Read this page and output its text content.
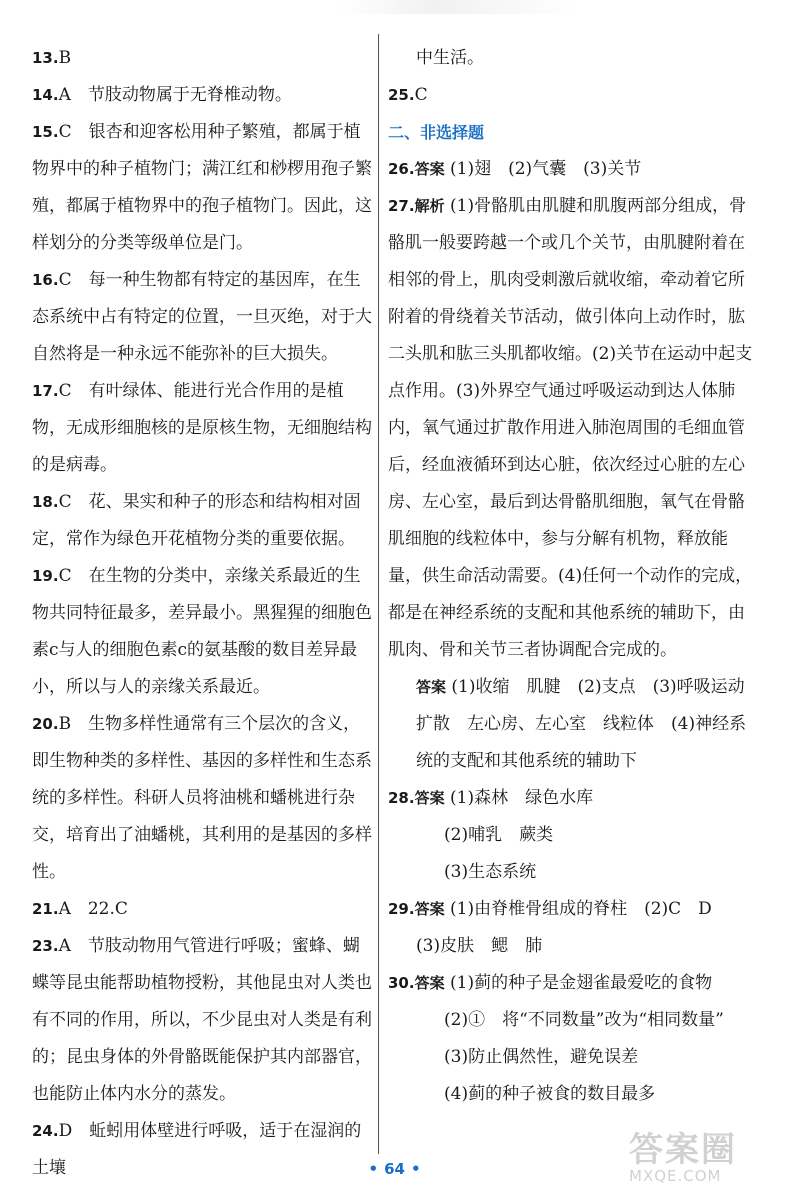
13.B

14.A　节肢动物属于无脊椎动物。

15.C　银杏和迎客松用种子繁殖，都属于植物界中的种子植物门；满江红和桫椤用孢子繁殖，都属于植物界中的孢子植物门。因此，这样划分的分类等级单位是门。

16.C　每一种生物都有特定的基因库，在生态系统中占有特定的位置，一旦灭绝，对于大自然将是一种永远不能弥补的巨大损失。

17.C　有叶绿体、能进行光合作用的是植物，无成形细胞核的是原核生物，无细胞结构的是病毒。

18.C　花、果实和种子的形态和结构相对固定，常作为绿色开花植物分类的重要依据。

19.C　在生物的分类中，亲缘关系最近的生物共同特征最多，差异最小。黑猩猩的细胞色素c与人的细胞色素c的氨基酸的数目差异最小，所以与人的亲缘关系最近。

20.B　生物多样性通常有三个层次的含义，即生物种类的多样性、基因的多样性和生态系统的多样性。科研人员将油桃和蟠桃进行杂交，培育出了油蟠桃，其利用的是基因的多样性。

21.A　22.C

23.A　节肢动物用气管进行呼吸；蜜蜂、蝴蝶等昆虫能帮助植物授粉，其他昆虫对人类也有不同的作用，所以，不少昆虫对人类是有利的；昆虫身体的外骨骼既能保护其内部器官，也能防止体内水分的蒸发。

24.D　蚯蚓用体壁进行呼吸，适于在湿润的土壤

中生活。

25.C

二、非选择题

26.答案 (1)翅　(2)气囊　(3)关节

27.解析 (1)骨骼肌由肌腱和肌腹两部分组成，骨骼肌一般要跨越一个或几个关节，由肌腱附着在相邻的骨上，肌肉受刺激后就收缩，牵动着它所附着的骨绕着关节活动，做引体向上动作时，肱二头肌和肱三头肌都收缩。(2)关节在运动中起支点作用。(3)外界空气通过呼吸运动到达人体肺内，氧气通过扩散作用进入肺泡周围的毛细血管后，经血液循环到达心脏，依次经过心脏的左心房、左心室，最后到达骨骼肌细胞，氧气在骨骼肌细胞的线粒体中，参与分解有机物，释放能量，供生命活动需要。(4)任何一个动作的完成，都是在神经系统的支配和其他系统的辅助下，由肌肉、骨和关节三者协调配合完成的。

答案 (1)收缩　肌腱　(2)支点　(3)呼吸运动　扩散　左心房、左心室　线粒体　(4)神经系统的支配和其他系统的辅助下

28.答案 (1)森林　绿色水库

(2)哺乳　蕨类

(3)生态系统

29.答案 (1)由脊椎骨组成的脊柱　(2)C　D

(3)皮肤　鳃　肺

30.答案 (1)蓟的种子是金翅雀最爱吃的食物

(2)①　将“不同数量”改为“相同数量”

(3)防止偶然性，避免误差

(4)蓟的种子被食的数目最多

• 64 •	答案圈
MXQE.COM
